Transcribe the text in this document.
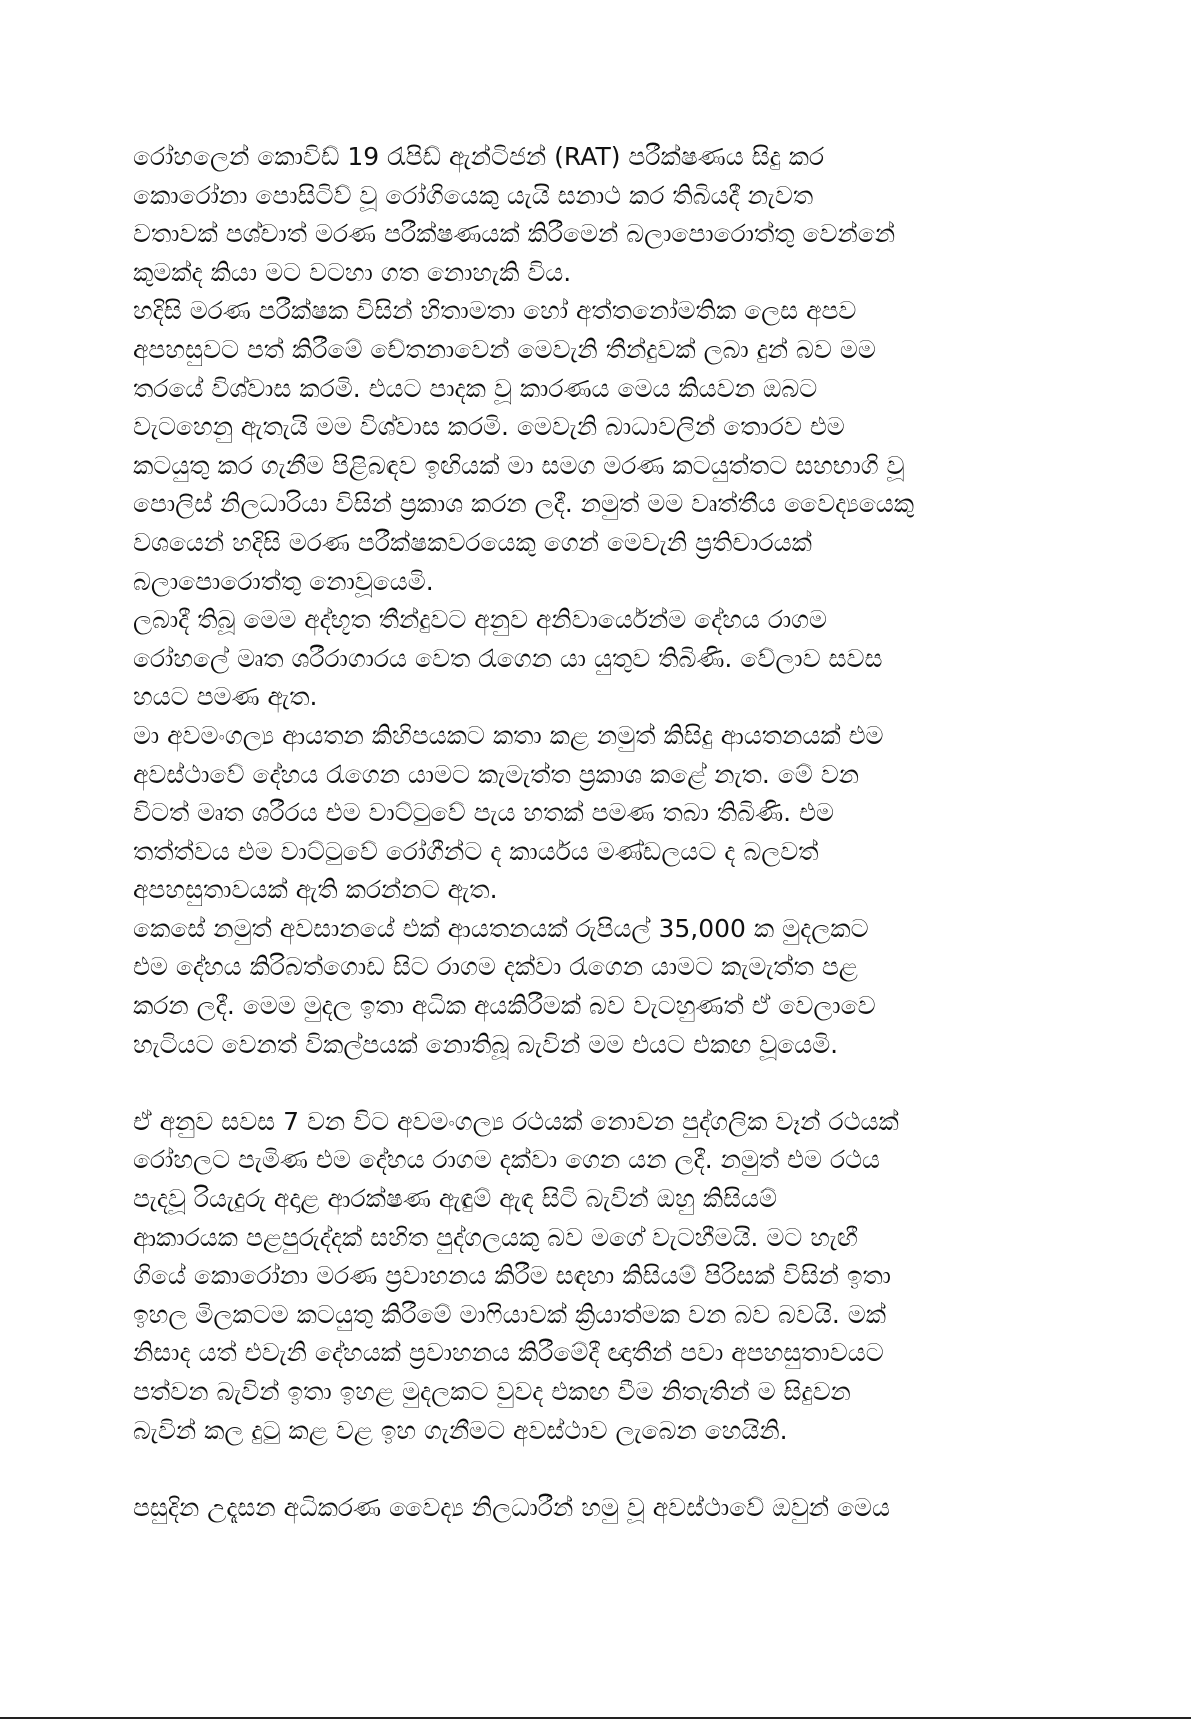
රෝහලෙන් කොවිඩ් 19 රැපිඩ් ඇන්ටිජන් (RAT) පරීක්ෂණය සිදු කර
කොරෝනා පොසිටිව් වූ රෝගියෙකු යැයි සනාථ කර තිබියදී නැවත
වතාවක් පශ්චාත් මරණ පරීක්ෂණයක් කිරීමෙන් බලාපොරොත්තු වෙන්නේ
කුමක්ද කියා මට වටහා ගත නොහැකි විය.
හදිසි මරණ පරීක්ෂක විසින් හිතාමතා හෝ අත්තනෝමතික ලෙස අපව
අපහසුවට පත් කිරීමේ චේතනාවෙන් මෙවැනි තීන්දුවක් ලබා දුන් බව මම
තරයේ විශ්වාස කරමි. එයට පාදක වූ කාරණය මෙය කියවන ඔබට
වැටහෙනු ඇතැයි මම විශ්වාස කරමි. මෙවැනි බාධාවලින් තොරව එම
කටයුතු කර ගැනීම පිළිබඳව ඉඟියක් මා සමග මරණ කටයුත්තට සහභාගි වූ
පොලිස් නිලධාරියා විසින් ප්‍රකාශ කරන ලදී. නමුත් මම වෘත්තීය වෛද්‍යයෙකු
වශයෙන් හදිසි මරණ පරීක්ෂකවරයෙකු ගෙන් මෙවැනි ප්‍රතිචාරයක්
බලාපොරොත්තු නොවූයෙමි.
ලබාදී තිබූ මෙම අද්භූත තීන්දුවට අනුව අනිවාර්යෙන්ම දේහය රාගම
රෝහලේ මෘත ශරීරාගාරය වෙත රැගෙන යා යුතුව තිබිණි. වේලාව සවස
හයට පමණ ඇත.
මා අවමංගල්‍ය ආයතන කිහිපයකට කතා කළ නමුත් කිසිදු ආයතනයක් එම
අවස්ථාවේ දේහය රැගෙන යාමට කැමැත්ත ප්‍රකාශ කළේ නැත. මේ වන
විටත් මෘත ශරීරය එම වාට්ටුවේ පැය හතක් පමණ තබා තිබිණි. එම
තත්ත්වය එම වාට්ටුවේ රෝගීන්ට ද කාර්යය මණ්ඩලයට ද බලවත්
අපහසුතාවයක් ඇති කරන්නට ඇත.
කෙසේ නමුත් අවසානයේ එක් ආයතනයක් රුපියල් 35,000 ක මුදලකට
එම දේහය කිරිබත්ගොඩ සිට රාගම දක්වා රැගෙන යාමට කැමැත්ත පළ
කරන ලදී. මෙම මුදල ඉතා අධික අයකිරීමක් බව වැටහුණත් ඒ වෙලාවෙ
හැටියට වෙනත් විකල්පයක් නොතිබූ බැවින් මම එයට එකඟ වූයෙමි.
ඒ අනුව සවස 7 වන විට අවමංගල්‍ය රථයක් නොවන පුද්ගලික වෑන් රථයක්
රෝහලට පැමිණ එම දේහය රාගම දක්වා ගෙන යන ලදී. නමුත් එම රථය
පැදවූ රියැදුරු අදාළ ආරක්ෂණ ඇඳුම් ඇඳ සිටි බැවින් ඔහු කිසියම්
ආකාරයක පළපුරුද්දක් සහිත පුද්ගලයකු බව මගේ වැටහීමයි. මට හැඟී
ගියේ කොරෝනා මරණ ප්‍රවාහනය කිරීම සඳහා කිසියම් පිරිසක් විසින් ඉතා
ඉහල මිලකටම කටයුතු කිරීමේ මාෆියාවක් ක්‍රියාත්මක වන බව බවයි. මක්
නිසාද යත් එවැනි දේහයක් ප්‍රවාහනය කිරීමේදී ඥාතීන් පවා අපහසුතාවයට
පත්වන බැවින් ඉතා ඉහළ මුදලකට වුවද එකඟ වීම නිතැතින් ම සිදුවන
බැවින් කල දුටු කළ වළ ඉහ ගැනීමට අවස්ථාව ලැබෙන හෙයිනි.
පසුදින උදෑසන අධිකරණ වෛද්‍ය නිලධාරීන් හමු වූ අවස්ථාවේ ඔවුන් මෙය
